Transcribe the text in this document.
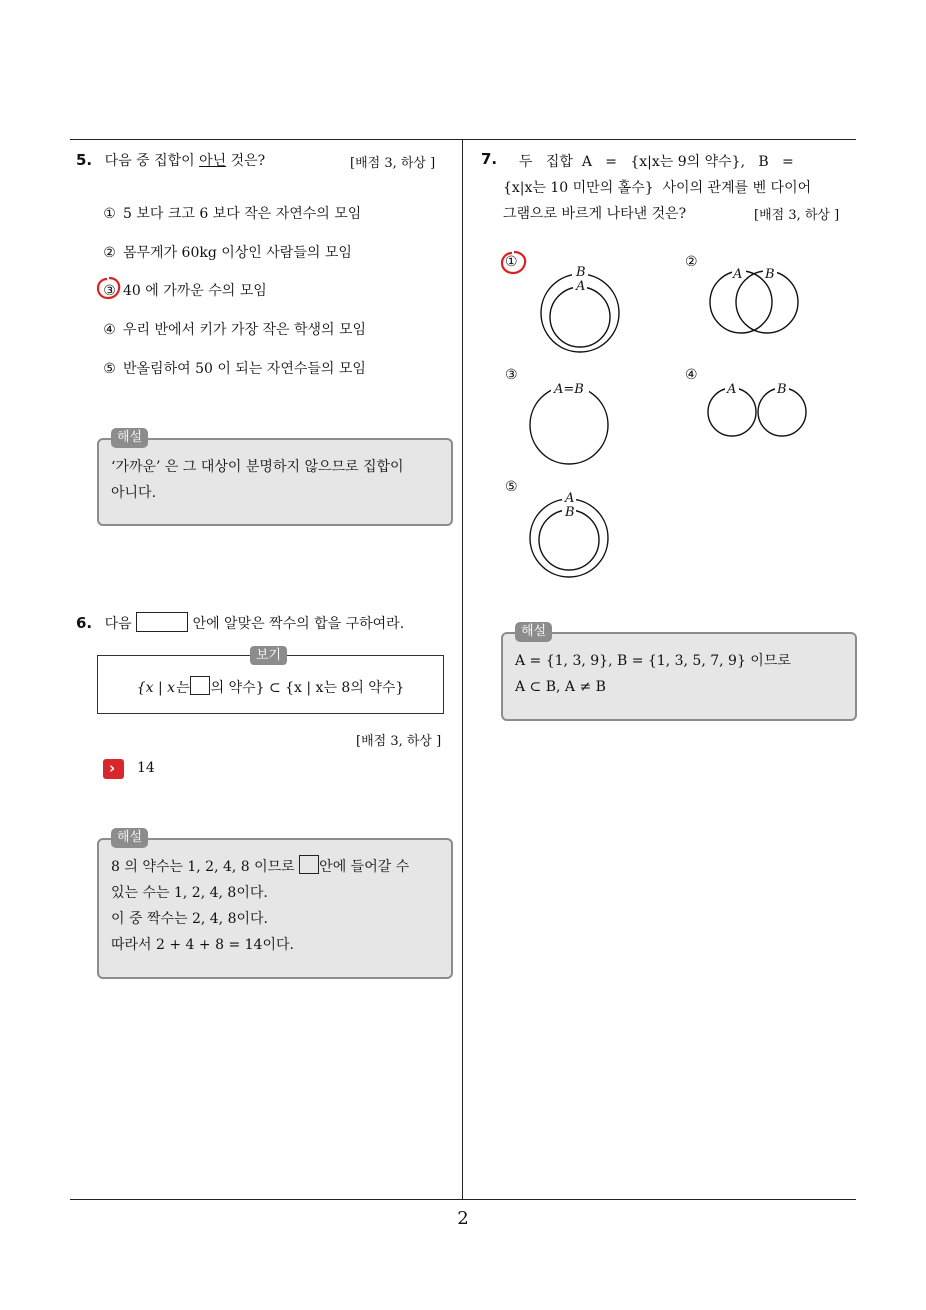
2
5. 다음 중 집합이 아닌 것은?	[배점 3, 하상 ]
① 5 보다 크고 6 보다 작은 자연수의 모임
② 몸무게가 60kg 이상인 사람들의 모임
③ 40 에 가까운 수의 모임
④ 우리 반에서 키가 가장 작은 학생의 모임
⑤ 반올림하여 50 이 되는 자연수들의 모임
해설
‘가까운’ 은 그 대상이 분명하지 않으므로 집합이
아니다.
6. 다음	안에 알맞은 짝수의 합을 구하여라.
보기
{x | x는 의 약수} ⊂ {x | x는 8의 약수}
[배점 3, 하상 ]
› 14
해설
8 의 약수는 1, 2, 4, 8 이므로 안에 들어갈 수
있는 수는 1, 2, 4, 8이다.
이 중 짝수는 2, 4, 8이다.
따라서 2 + 4 + 8 = 14이다.
7. 두   집합  A   =   {x|x는 9의 약수},   B   =
{x|x는 10 미만의 홀수}  사이의 관계를 벤 다이어
그램으로 바르게 나타낸 것은?	[배점 3, 하상 ]
①
B
A
②
A B
③
A=B
④
A	B
⑤
A
B
해설
A = {1, 3, 9}, B = {1, 3, 5, 7, 9} 이므로
A ⊂ B, A ≠ B
